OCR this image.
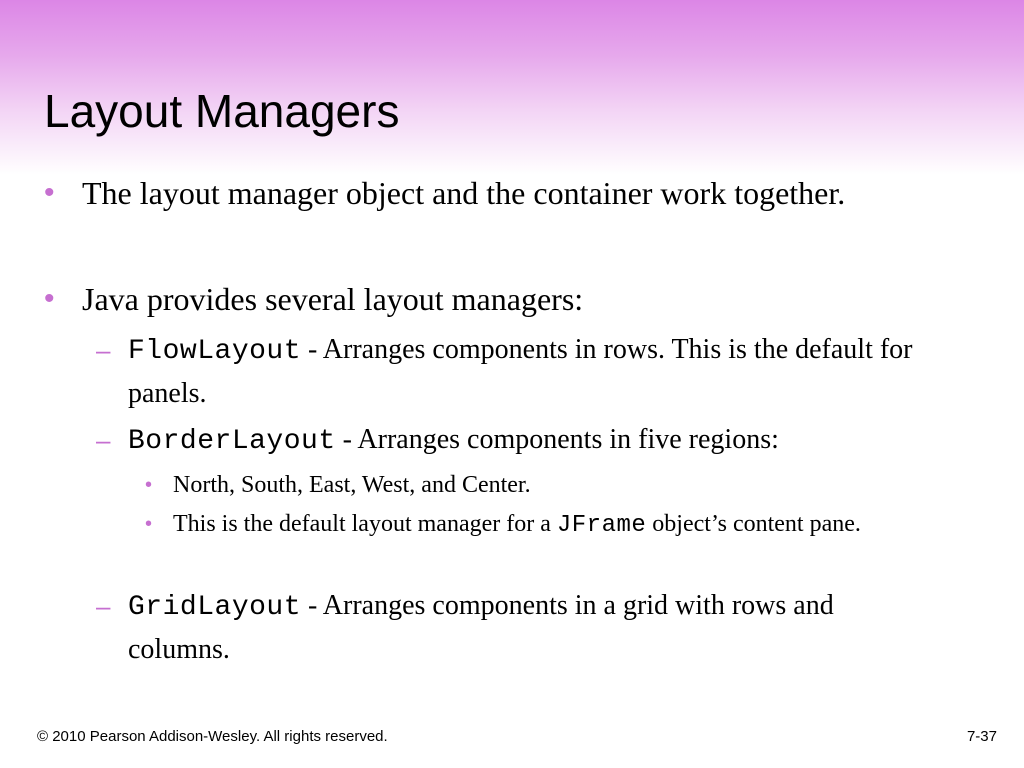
Layout Managers
• The layout manager object and the container work together.
• Java provides several layout managers:
– FlowLayout - Arranges components in rows. This is the default for panels.
– BorderLayout - Arranges components in five regions:
• North, South, East, West, and Center.
• This is the default layout manager for a JFrame object’s content pane.
– GridLayout - Arranges components in a grid with rows and columns.
© 2010 Pearson Addison-Wesley. All rights reserved.	7-37
